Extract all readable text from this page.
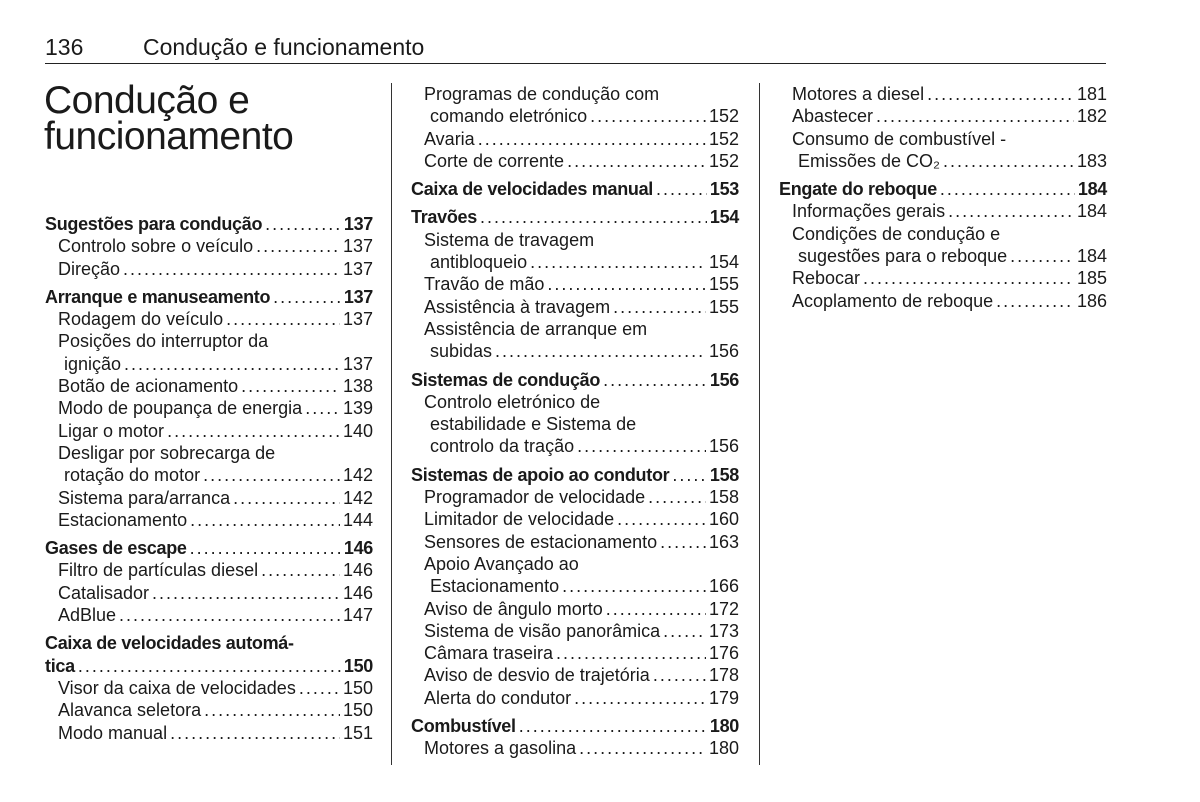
136	Condução e funcionamento
Condução e
funcionamento
Sugestões para condução . . .	137
Controlo sobre o veículo . . .	137
Direção . . .	137
Arranque e manuseamento . . .	137
Rodagem do veículo . . .	137
Posições do interruptor da
ignição . . .	137
Botão de acionamento . . .	138
Modo de poupança de energia . . . 139
Ligar o motor . . .	140
Desligar por sobrecarga de
rotação do motor . . .	142
Sistema para/arranca . . .	142
Estacionamento . . .	144
Gases de escape . . .	146
Filtro de partículas diesel . . .	146
Catalisador . . .	146
AdBlue . . .	147
Caixa de velocidades automá-
tica . . .	150
Visor da caixa de velocidades . . .	150
Alavanca seletora . . .	150
Modo manual . . .	151
Programas de condução com
comando eletrónico . . .	152
Avaria . . .	152
Corte de corrente . . .	152
Caixa de velocidades manual . . .	153
Travões . . .	154
Sistema de travagem
antibloqueio . . .	154
Travão de mão . . .	155
Assistência à travagem . . .	155
Assistência de arranque em
subidas . . .	156
Sistemas de condução . . .	156
Controlo eletrónico de
estabilidade e Sistema de
controlo da tração . . .	156
Sistemas de apoio ao condutor . . . 158
Programador de velocidade . . .	158
Limitador de velocidade . . .	160
Sensores de estacionamento . . .	163
Apoio Avançado ao
Estacionamento . . .	166
Aviso de ângulo morto . . .	172
Sistema de visão panorâmica . . .	173
Câmara traseira . . .	176
Aviso de desvio de trajetória . . .	178
Alerta do condutor . . .	179
Combustível . . .	180
Motores a gasolina . . .	180
Motores a diesel . . .	181
Abastecer . . .	182
Consumo de combustível -
Emissões de CO₂ . . .	183
Engate do reboque . . .	184
Informações gerais . . .	184
Condições de condução e
sugestões para o reboque . . .	184
Rebocar . . .	185
Acoplamento de reboque . . .	186
